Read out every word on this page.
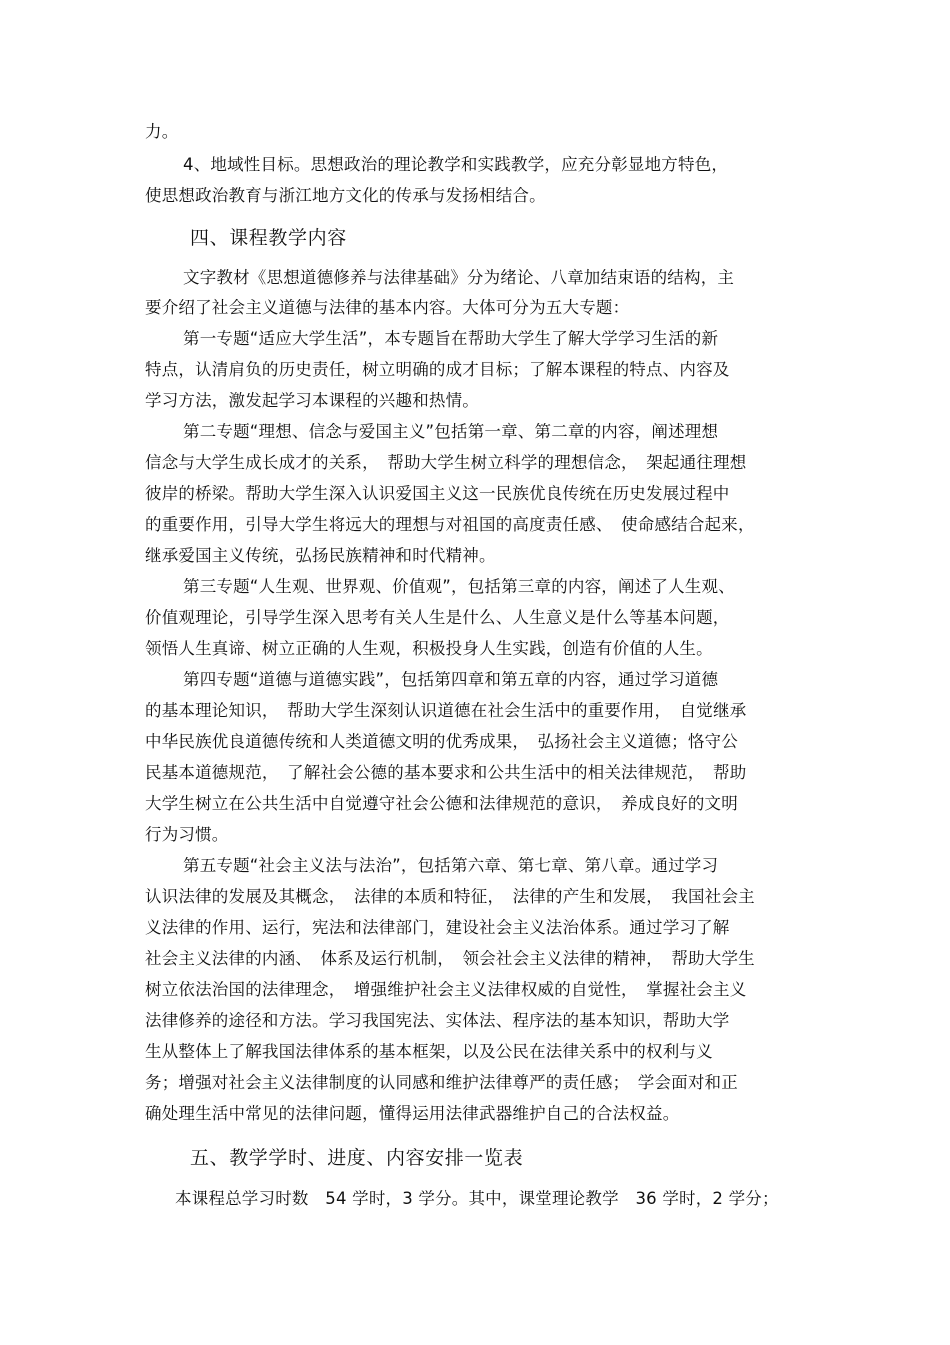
力。
4、地域性目标。思想政治的理论教学和实践教学，应充分彰显地方特色，
使思想政治教育与浙江地方文化的传承与发扬相结合。
四、课程教学内容
文字教材《思想道德修养与法律基础》分为绪论、八章加结束语的结构，主
要介绍了社会主义道德与法律的基本内容。大体可分为五大专题：
第一专题“适应大学生活”，本专题旨在帮助大学生了解大学学习生活的新
特点，认清肩负的历史责任，树立明确的成才目标；了解本课程的特点、内容及
学习方法，激发起学习本课程的兴趣和热情。
第二专题“理想、信念与爱国主义”包括第一章、第二章的内容，阐述理想
信念与大学生成长成才的关系，　帮助大学生树立科学的理想信念，　架起通往理想
彼岸的桥梁。帮助大学生深入认识爱国主义这一民族优良传统在历史发展过程中
的重要作用，引导大学生将远大的理想与对祖国的高度责任感、　使命感结合起来，
继承爱国主义传统，弘扬民族精神和时代精神。
第三专题“人生观、世界观、价值观”，包括第三章的内容，阐述了人生观、
价值观理论，引导学生深入思考有关人生是什么、人生意义是什么等基本问题，
领悟人生真谛、树立正确的人生观，积极投身人生实践，创造有价值的人生。
第四专题“道德与道德实践”，包括第四章和第五章的内容，通过学习道德
的基本理论知识，　帮助大学生深刻认识道德在社会生活中的重要作用，　自觉继承
中华民族优良道德传统和人类道德文明的优秀成果，　弘扬社会主义道德；恪守公
民基本道德规范，　了解社会公德的基本要求和公共生活中的相关法律规范，　帮助
大学生树立在公共生活中自觉遵守社会公德和法律规范的意识，　养成良好的文明
行为习惯。
第五专题“社会主义法与法治”，包括第六章、第七章、第八章。通过学习
认识法律的发展及其概念，　法律的本质和特征，　法律的产生和发展，　我国社会主
义法律的作用、运行，宪法和法律部门，建设社会主义法治体系。通过学习了解
社会主义法律的内涵、　体系及运行机制，　领会社会主义法律的精神，　帮助大学生
树立依法治国的法律理念，　增强维护社会主义法律权威的自觉性，　掌握社会主义
法律修养的途径和方法。学习我国宪法、实体法、程序法的基本知识，帮助大学
生从整体上了解我国法律体系的基本框架，以及公民在法律关系中的权利与义
务；增强对社会主义法律制度的认同感和维护法律尊严的责任感；　学会面对和正
确处理生活中常见的法律问题，懂得运用法律武器维护自己的合法权益。
五、教学学时、进度、内容安排一览表
本课程总学习时数　54 学时，3 学分。其中，课堂理论教学　36 学时，2 学分；
